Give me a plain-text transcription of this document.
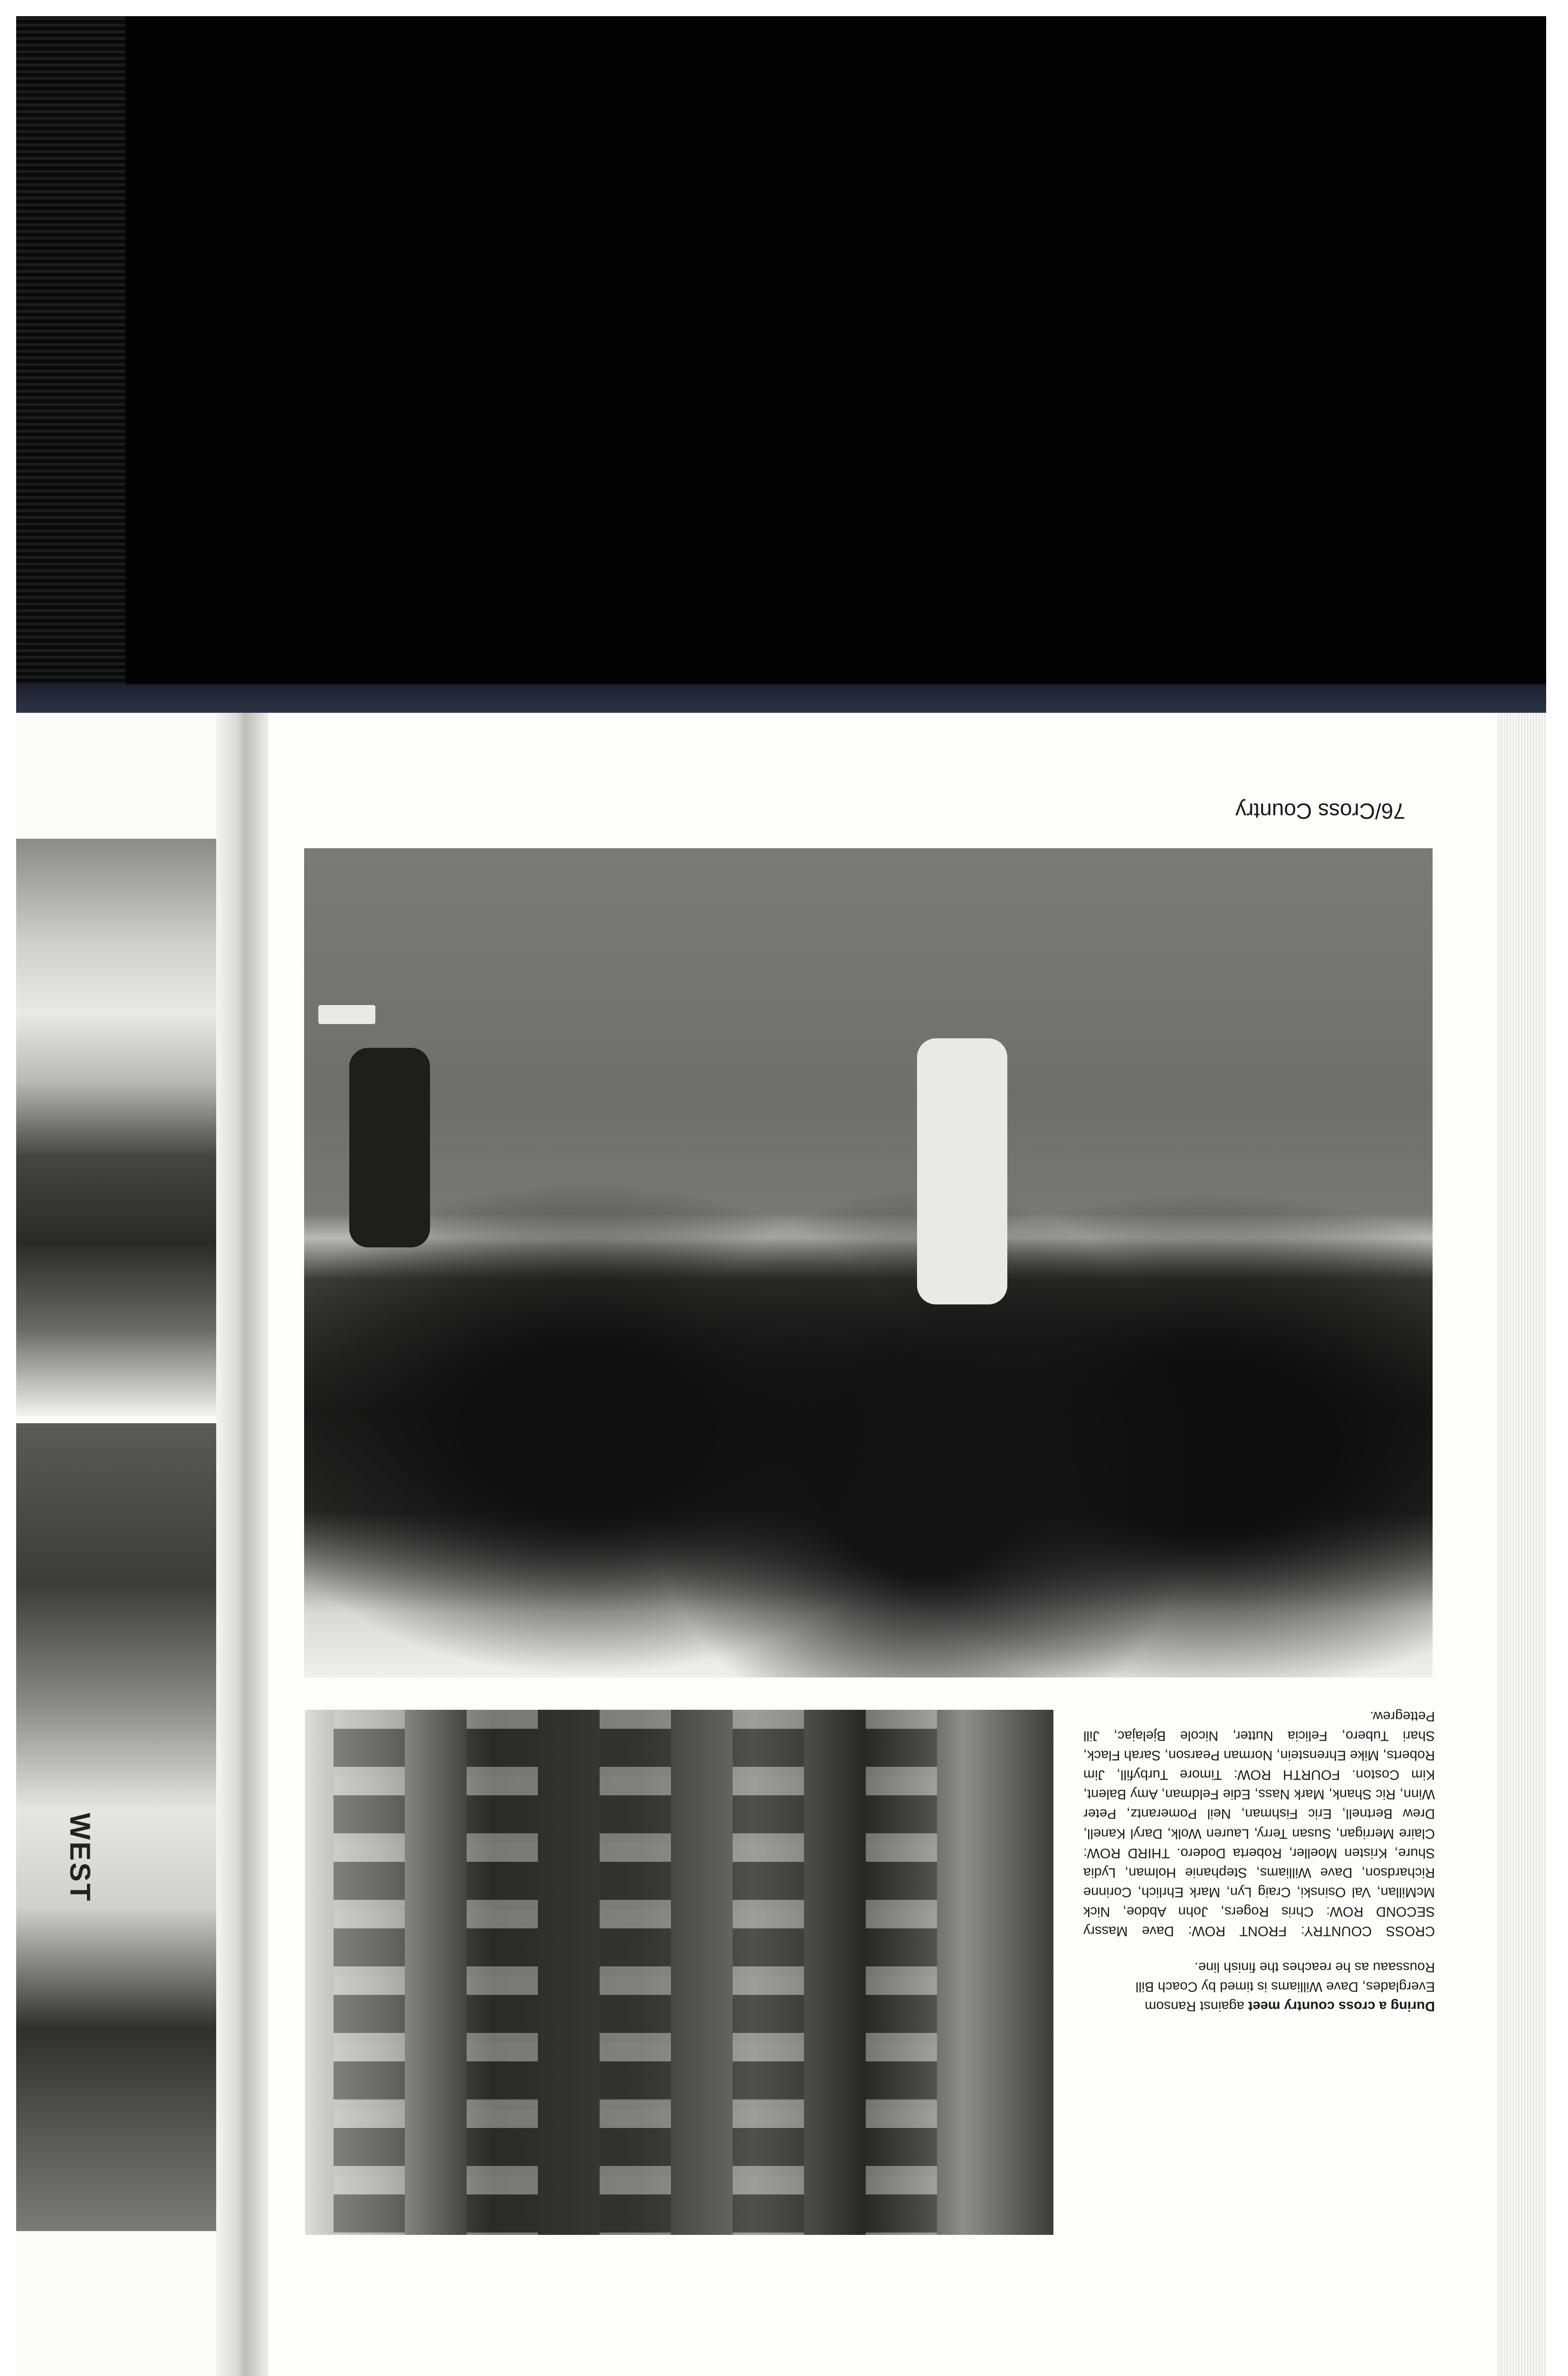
WEST
76/Cross Country

During a cross country meet against Ransom Everglades, Dave Williams is timed by Coach Bill Roussaau as he reaches the finish line.

CROSS COUNTRY: FRONT ROW: Dave Massry SECOND ROW: Chris Rogers, John Abdoe, Nick McMillan, Val Osinski, Craig Lyn, Mark Ehrlich, Corinne Richardson, Dave Williams, Stephanie Holman, Lydia Shure, Kristen Moeller, Roberta Dodero. THIRD ROW: Claire Merrigan, Susan Terry, Lauren Wolk, Daryl Kanell, Drew Bertnell, Eric Fishman, Neil Pomerantz, Peter Winn, Ric Shank, Mark Nass, Edie Feldman, Amy Balent, Kim Coston. FOURTH ROW: Timore Turbyfill, Jim Roberts, Mike Ehrenstein, Norman Pearson, Sarah Flack, Shari Tubero, Felicia Nutter, Nicole Bjelajac, Jill Pettegrew.
